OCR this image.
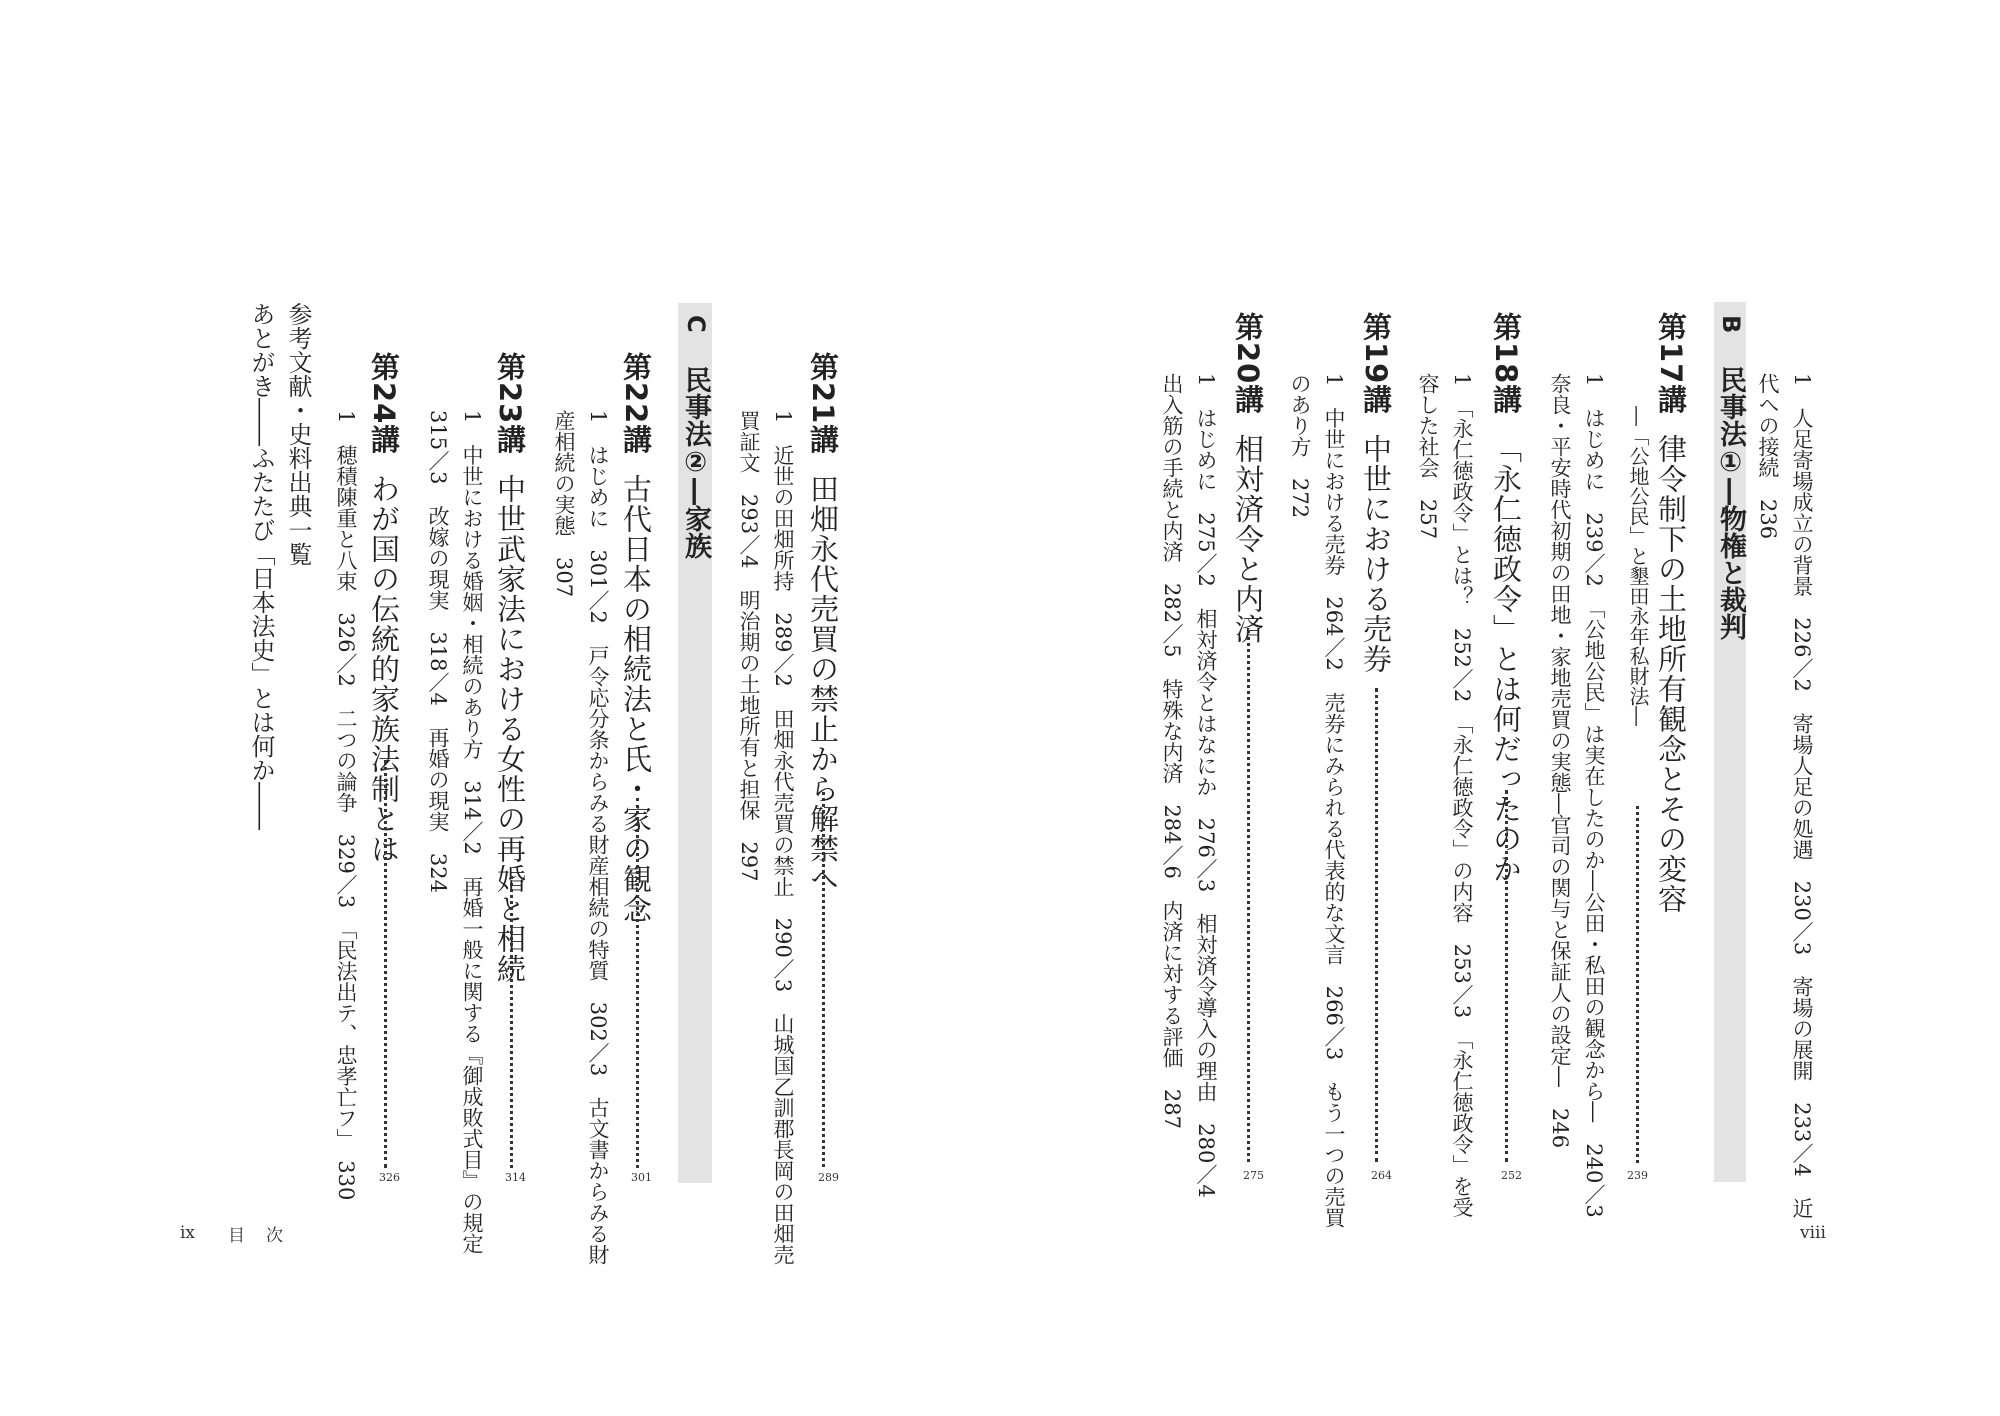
1　人足寄場成立の背景　226／2　寄場人足の処遇　230／3　寄場の展開　233／4　近
代への接続　236
B
民事法①―物権と裁判
第17講律令制下の土地所有観念とその変容
―「公地公民」と墾田永年私財法―
239
1　はじめに　239／2　「公地公民」は実在したのか―公田・私田の観念から―　240／3
奈良・平安時代初期の田地・家地売買の実態―官司の関与と保証人の設定―　246
第18講「永仁徳政令」とは何だったのか
252
1　「永仁徳政令」とは？　252／2　「永仁徳政令」の内容　253／3　「永仁徳政令」を受
容した社会　257
第19講中世における売券
264
1　中世における売券　264／2　売券にみられる代表的な文言　266／3　もう一つの売買
のあり方　272
第20講相対済令と内済
275
1　はじめに　275／2　相対済令とはなにか　276／3　相対済令導入の理由　280／4
出入筋の手続と内済　282／5　特殊な内済　284／6　内済に対する評価　287
viii
第21講田畑永代売買の禁止から解禁へ
289
1　近世の田畑所持　289／2　田畑永代売買の禁止　290／3　山城国乙訓郡長岡の田畑売
買証文　293／4　明治期の土地所有と担保　297
C
民事法②―家族
第22講古代日本の相続法と氏・家の観念
301
1　はじめに　301／2　戸令応分条からみる財産相続の特質　302／3　古文書からみる財
産相続の実態　307
第23講中世武家法における女性の再婚と相続
314
1　中世における婚姻・相続のあり方　314／2　再婚一般に関する『御成敗式目』の規定
315／3　改嫁の現実　318／4　再婚の現実　324
第24講わが国の伝統的家族法制とは
326
1　穂積陳重と八束　326／2　二つの論争　329／3　「民法出テ、忠孝亡フ」　330
参考文献・史料出典一覧
あとがき――ふたたび「日本法史」とは何か――
ix 目　次
